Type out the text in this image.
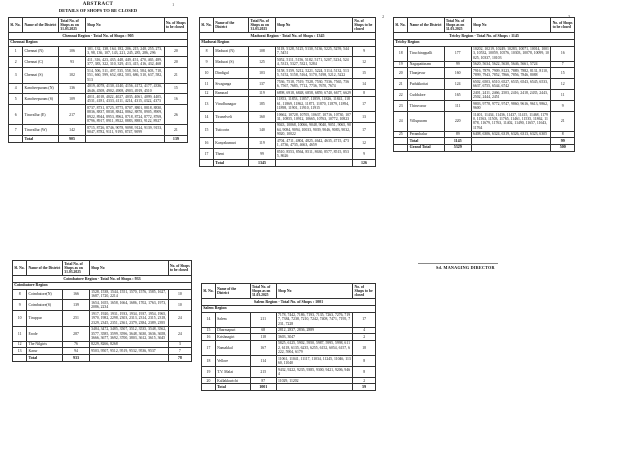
ABSTRACT
DETAILS OF SHOPS TO BE CLOSED
1
2
Sl. No.	Name of the District	Total No. of Shops as on 31.03.2025	Shop No	No. of Shops to be closed
Chennai Region - Total No. of Shops : 905				
Chennai Region				
1	Chennai (N)	106	101, 132, 138, 164, 182, 206, 215, 248, 255, 273, 3, 98, 136, 107, 143, 221, 245, 285, 286, 296	20
2	Chennai (C)	93	411, 316, 423, 435, 448, 449, 451, 470, 465, 489, 377, 383, 322, 310, 329, 413, 415, 416, 432, 468	20
3	Chennai (S)	102	514, 506, 511, 497, 535, 558, 561, 584, 603, 718, 551, 660, 599, 652, 682, 503, 686, 510, 637, 582, 513	21
4	Kancheepuram (N)	136	4019, 4078, 4130, 4140, 4156, 4172, 4177, 4336, 4646, 4508, 4902, 4908, 4903, 4919, 4510	15
5	Kancheepuram (S)	109	4011, 4018, 4022, 4027, 4035, 4061, 4099, 4405, 4531, 4181, 4333, 4111, 4214, 4315, 4322, 4373	16
6	Tiruvallur (E)	217	8737, 8731, 8725, 8775, 8707, 8801, 8818, 8830, 8836, 8837, 8838, 8842, 8862, 8870, 8905, 8909, 8922, 8944, 8953, 8962, 8718, 8724, 8772, 8769, 8796, 8917, 8911, 8922, 8883, 8883, 9122, 8927	26
7	Tiruvallur (W)	142	8715, 8726, 8746, 9078, 9098, 9124, 9139, 9153, 9047, 8782, 9111, 9195, 8747, 9099	21
	Total	905		139
Sl. No.	Name of the District	Total No. of Shops as on 31.03.2025	Shop No	No. of Shops to be closed
Madurai Region - Total No. of Shops : 1345				
Madurai Region				
8	Madurai (N)	108	5118, 5128, 5125, 5130, 5136, 5225, 5259, 5447, 5451	9
9	Madurai (S)	125	5052, 5111, 5156, 5182, 5171, 5207, 5234, 5244, 5313, 5327, 5321, 5284	12
10	Dindigul	103	5158, 5159, 5212, 5221, 5224, 5114, 5132, 5135, 5152, 5158, 5164, 5170, 5198, 5212, 5222	15
11	Sivaganga	137	7536, 7518, 7519, 7528, 7530, 7536, 7565, 7566, 7567, 7685, 7712, 7736, 7670, 7674	14
12	Ramnad	119	6898, 6918, 6848, 6858, 6859, 6740, 6677, 6629	8
13	Virudhunagar	185	11853, 11853, 11857, 11859, 11826, 11841, 11861, 11869, 11862, 11871, 11870, 11879, 11894, 11898, 11901, 11910, 11915	17
14	Tirunelveli	160	10662, 10728, 10705, 10637, 10716, 10730, 10731, 10855, 10912, 10665, 10763, 10772, 10823	13
15	Tuticorin	140	9043, 10068, 10066, 9048, 9040, 9051, 9065, 9064, 9084, 9094, 10033, 9039, 9046, 9083, 9032, 9020, 10022	17
16	Kanyakumari	119	4704, 4711, 4804, 4825, 4642, 4635, 4715, 4731, 4736, 4735, 4663, 4659	12
17	Theni	99	8510, 8553, 8564, 8511, 8630, 8577, 8515, 8535, 8626	9
	Total	1345		126
Sl. No.	Name of the District	Total No. of Shops as on 31.03.2025	Shop No	No. of Shops to be closed
Trichy Region - Total No. of Shops : 1145				
Trichy Region				
18	Tiruchirappalli	177	10202, 10219, 10249, 10283, 10071, 10014, 10013, 10532, 10059, 10576, 10303, 10078, 10099, 10025, 10337, 10103	16
19	Nagapattinam	99	5620, 5634, 5622, 5630, 5646, 5661, 5724	7
20	Thanjavur	160	7916, 7879, 7909, 8123, 7889, 7882, 8131, 8110, 7899, 7943, 7852, 7866, 7856, 7846, 8088	15
21	Pudukkottai	124	6502, 6503, 6510, 6527, 6535, 6543, 6545, 6533, 6637, 6755, 6544, 6742	12
22	Cuddalore	165	2401, 2411, 2466, 2503, 2416, 2418, 2435, 2443, 2502, 2444, 2451	11
23	Thiruvarur	111	9803, 9778, 9772, 9747, 9860, 9616, 9613, 9862, 9600	9
24	Villupuram	220	11401, 11434, 11436, 11437, 11415, 11468, 11790, 11563, 11503, 11765, 11461, 11535, 11862, 11878, 11679, 11763, 11402, 11490, 11657, 11643, 11764	21
25	Perambalur	89	6408, 6306, 6324, 6319, 6326, 6313, 6323, 6305	8
	Total	1145		99
	Grand Total	5329		500
Sl. No.	Name of the District	Total No. of Shops as on 31.03.2025	Shop No	No. of Shops to be closed
Coimbatore Region - Total No. of Shops : 933				
Coimbatore Region				
8	Coimbatore(N)	166	1528, 1538, 1544, 1551, 1570, 1576, 1585, 1627, 1687, 1720, 2214	10
9	Coimbatore(S)	139	1654, 1655, 1658, 1664, 1686, 1702, 1763, 1973, 2086, 2234	10
10	Tiruppur	251	1917, 1920, 1931, 1933, 1934, 1937, 1954, 1965, 1970, 1982, 2298, 2303, 2313, 2314, 2315, 2318, 2329, 2345, 2351, 2361, 2379, 2384, 2389, 2395	24
11	Erode	287	3484, 3472, 3485, 3507, 3512, 3535, 3548, 3562, 3577, 3585, 3599, 3596, 3648, 3630, 3636, 3658, 3666, 3677, 3692, 3700, 3803, 3612, 3615, 3645	24
12	The Nilgiris	76	8229, 8266, 8268	3
13	Karur	94	9503, 9507, 9512, 9519, 9532, 9536, 9537	7
	Total	933		78
Sl. No.	Name of the District	Total No. of Shops as on 31.03.2025	Shop No	No. of Shops to be closed
Salem Region - Total No. of Shops : 1001				
Salem Region				
14	Salem	211	7178, 7442, 7186, 7193, 7135, 7263, 7276, 7197, 7384, 7238, 7210, 7242, 7408, 7471, 7195, 7231, 7228	17
15	Dharmapuri	68	2812, 2837, 2836, 2889	4
16	Krishnagiri	118	3603, 3047	2
17	Namakkal	167	5825, 6125, 5902, 5950, 5987, 5995, 5998, 6112, 6118, 6135, 6235, 6255, 6152, 6054, 6157, 6222, 5904, 6179	18
18	Vellore	114	11061, 11041, 11117, 11034, 11245, 11046, 11360, 11040	8
19	T.V. Malai	215	9432, 9222, 9235, 9385, 9300, 9421, 9206, 9464	8
20	Kallakkurichi	87	11029, 11202	2
	Total	1001		59
Sd. MANAGING DIRECTOR
